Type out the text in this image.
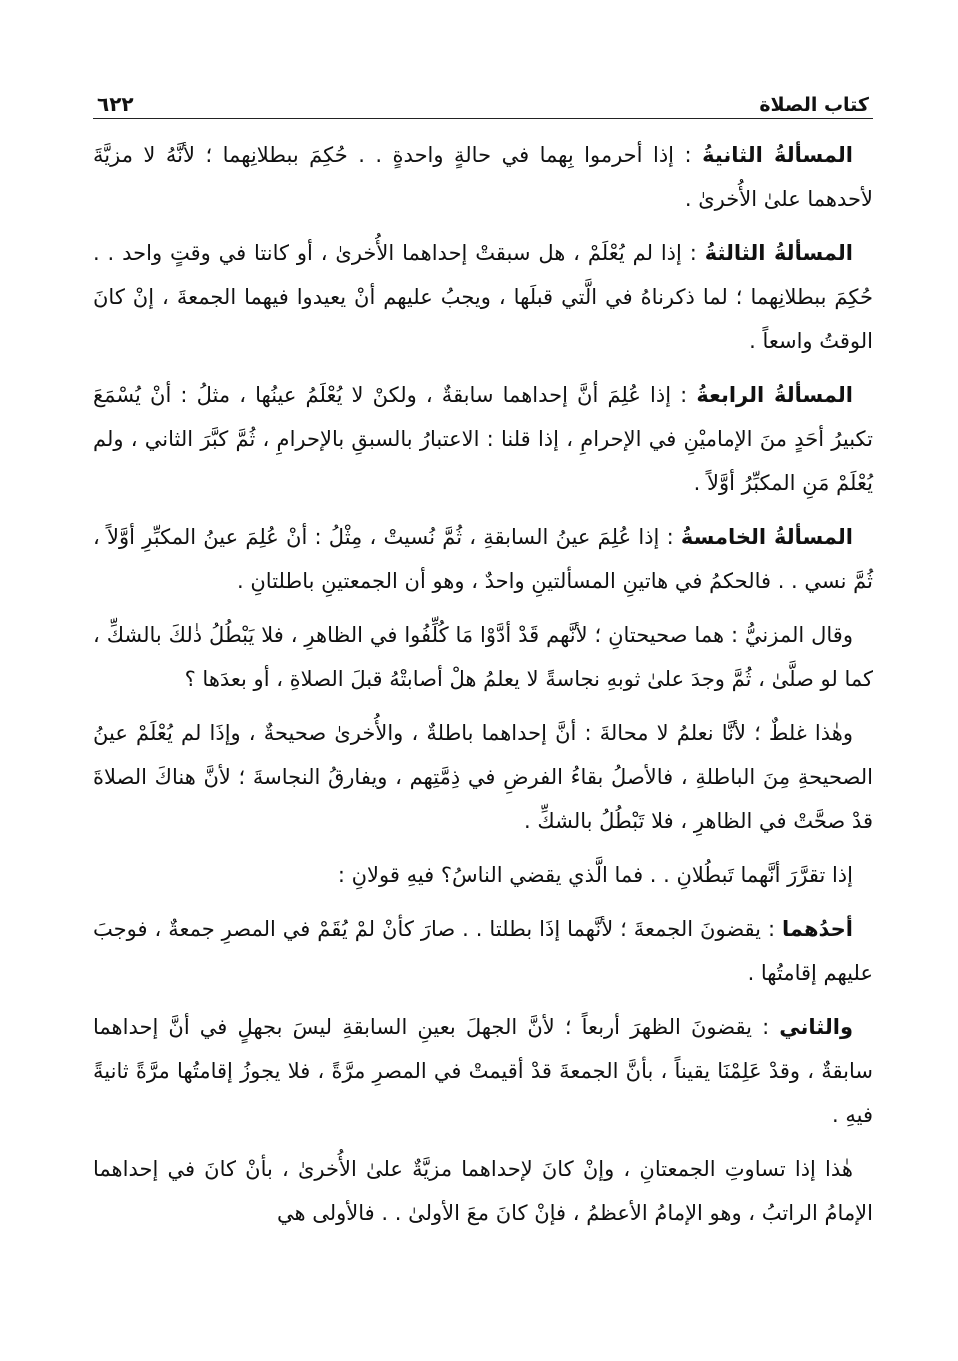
كتاب الصلاة
٦٢٢

المسألةُ الثانيةُ : إذا أحرموا بِهما في حالةٍ واحدةٍ . . حُكِمَ ببطلانِهما ؛ لأنَّهُ لا مزيَّةَ لأحدهما علىٰ الأُخرىٰ .

المسألةُ الثالثةُ : إذا لم يُعْلَمْ ، هل سبقتْ إحداهما الأُخرىٰ ، أو كانتا في وقتٍ واحد . . حُكِمَ ببطلانِهما ؛ لما ذكرناهُ في الَّتي قبلَها ، ويجبُ عليهم أنْ يعيدوا فيهما الجمعةَ ، إنْ كانَ الوقتُ واسعاً .

المسألةُ الرابعةُ : إذا عُلِمَ أنَّ إحداهما سابقةٌ ، ولكنْ لا يُعْلَمُ عينُها ، مثلُ : أنْ يُسْمَعَ تكبيرُ أحَدٍ منَ الإماميْنِ في الإحرامِ ، إذا قلنا : الاعتبارُ بالسبقِ بالإحرامِ ، ثُمَّ كبَّرَ الثاني ، ولم يُعْلَمْ مَنِ المكبِّرُ أوَّلاً .

المسألةُ الخامسةُ : إذا عُلِمَ عينُ السابقةِ ، ثُمَّ نُسيتْ ، مِثْلُ : أنْ عُلِمَ عينُ المكبِّرِ أوَّلاً ، ثُمَّ نسي . . فالحكمُ في هاتينِ المسألتينِ واحدٌ ، وهو أن الجمعتينِ باطلتانِ .

وقال المزنيُّ : هما صحيحتانِ ؛ لأنَّهم قَدْ أدَّوْا مَا كُلِّفُوا في الظاهرِ ، فلا يَبْطُلُ ذٰلكَ بالشكِّ ، كما لو صلَّىٰ ، ثُمَّ وجدَ علىٰ ثوبهِ نجاسةً لا يعلمُ هلْ أصابتْهُ قبلَ الصلاةِ ، أو بعدَها ؟

وهٰذا غلطٌ ؛ لأنَّا نعلمُ لا محالةَ : أنَّ إحداهما باطلةٌ ، والأُخرىٰ صحيحةٌ ، وإذَا لم يُعْلَمْ عينُ الصحيحةِ مِنَ الباطلةِ ، فالأصلُ بقاءُ الفرضِ في ذِمَّتِهم ، ويفارقُ النجاسةَ ؛ لأنَّ هناكَ الصلاةَ قدْ صحَّتْ في الظاهرِ ، فلا تَبْطُلُ بالشكِّ .

إذا تقرَّرَ أنَّهما تَبطُلانِ . . فما الَّذي يقضي الناسُ؟ فيهِ قولانِ :

أحدُهما : يقضونَ الجمعةَ ؛ لأنَّهما إذَا بطلتا . . صارَ كأنْ لمْ يُقَمْ في المصرِ جمعةٌ ، فوجبَ عليهم إقامتُها .

والثاني : يقضونَ الظهرَ أربعاً ؛ لأنَّ الجهلَ بعينِ السابقةِ ليسَ بجهلٍ في أنَّ إحداهما سابقةٌ ، وقدْ عَلِمْنَا يقيناً ، بأنَّ الجمعةَ قدْ أقيمتْ في المصرِ مرَّةً ، فلا يجوزُ إقامتُها مرَّةً ثانيةً فيهِ .

هٰذا إذا تساوتِ الجمعتانِ ، وإنْ كانَ لإحداهما مزيَّةٌ علىٰ الأُخرىٰ ، بأنْ كانَ في إحداهما الإمامُ الراتبُ ، وهو الإمامُ الأعظمُ ، فإنْ كانَ معَ الأولىٰ . . فالأولى هي
